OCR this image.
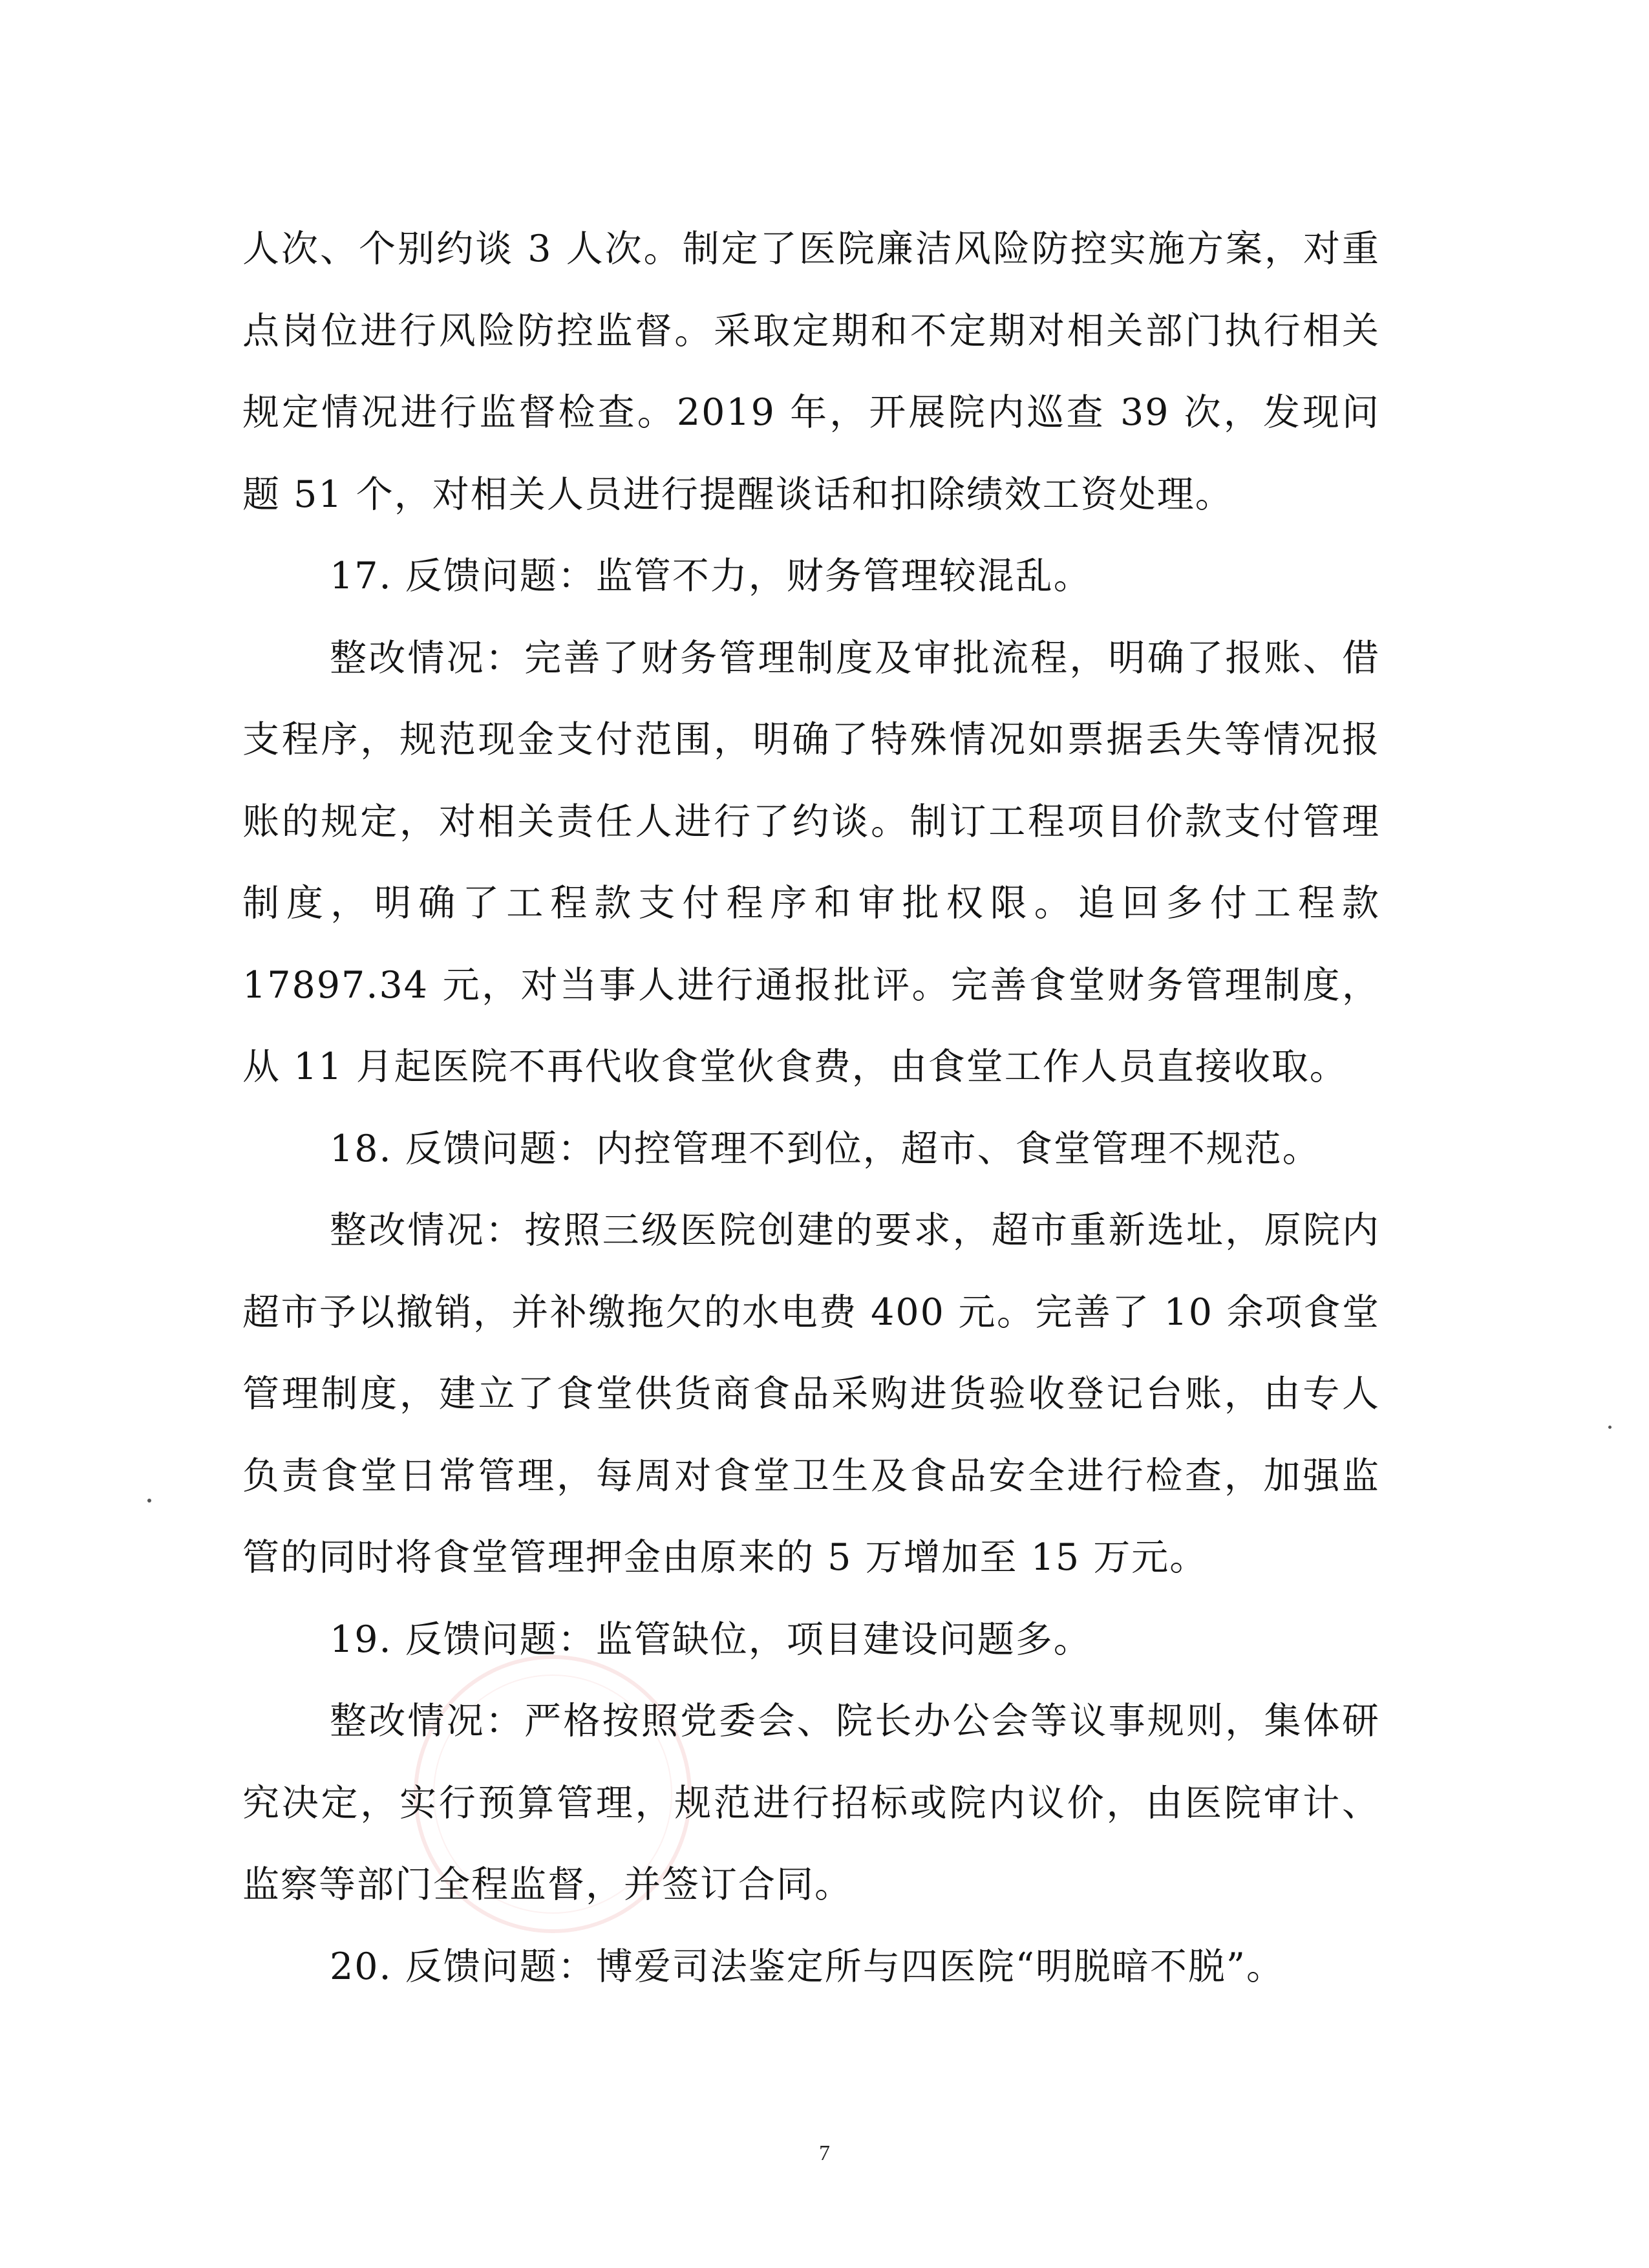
人次、个别约谈 3 人次。制定了医院廉洁风险防控实施方案，对重点岗位进行风险防控监督。采取定期和不定期对相关部门执行相关规定情况进行监督检查。2019 年，开展院内巡查 39 次，发现问题 51 个，对相关人员进行提醒谈话和扣除绩效工资处理。

17. 反馈问题：监管不力，财务管理较混乱。

整改情况：完善了财务管理制度及审批流程，明确了报账、借支程序，规范现金支付范围，明确了特殊情况如票据丢失等情况报账的规定，对相关责任人进行了约谈。制订工程项目价款支付管理制度，明确了工程款支付程序和审批权限。追回多付工程款 17897.34 元，对当事人进行通报批评。完善食堂财务管理制度，从 11 月起医院不再代收食堂伙食费，由食堂工作人员直接收取。

18. 反馈问题：内控管理不到位，超市、食堂管理不规范。

整改情况：按照三级医院创建的要求，超市重新选址，原院内超市予以撤销，并补缴拖欠的水电费 400 元。完善了 10 余项食堂管理制度，建立了食堂供货商食品采购进货验收登记台账，由专人负责食堂日常管理，每周对食堂卫生及食品安全进行检查，加强监管的同时将食堂管理押金由原来的 5 万增加至 15 万元。

19. 反馈问题：监管缺位，项目建设问题多。

整改情况：严格按照党委会、院长办公会等议事规则，集体研究决定，实行预算管理，规范进行招标或院内议价，由医院审计、监察等部门全程监督，并签订合同。

20. 反馈问题：博爱司法鉴定所与四医院“明脱暗不脱”。

7
